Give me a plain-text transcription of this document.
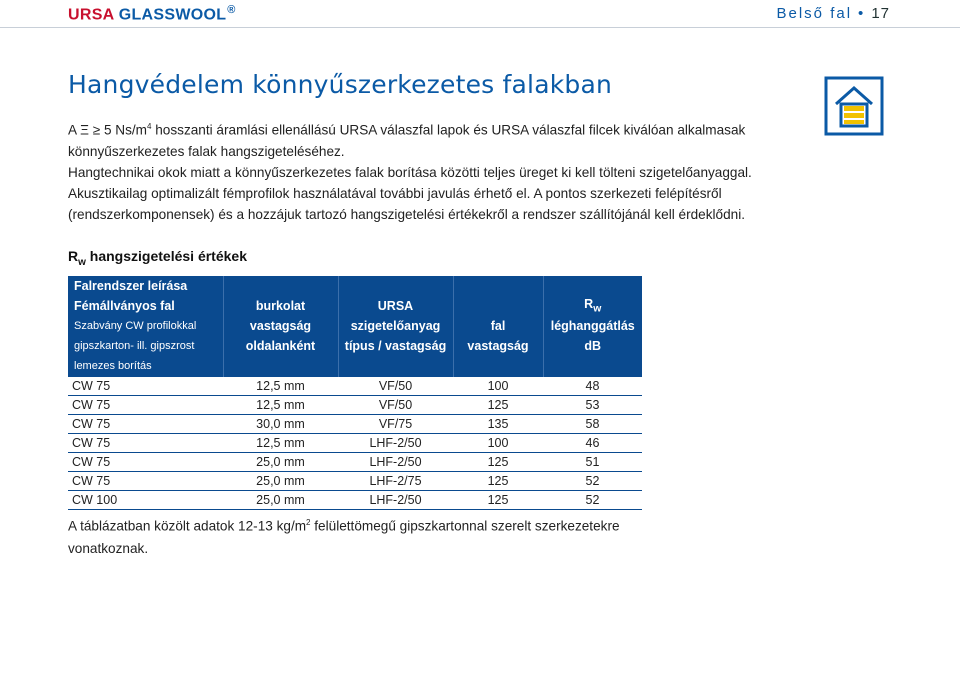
URSA GLASSWOOL®	Belső fal • 17
Hangvédelem könnyűszerkezetes falakban

A Ξ ≥ 5 $Ns/m^4$ hosszanti áramlási ellenállású URSA válaszfal lapok és URSA válaszfal filcek kiválóan alkalmasak

könnyűszerkezetes falak hangszigeteléséhez.

Hangtechnikai okok miatt a könnyűszerkezetes falak borítása közötti teljes üreget ki kell tölteni szigetelőanyaggal.

Akusztikailag optimalizált fémprofilok használatával további javulás érhető el. A pontos szerkezeti felépítésről

(rendszerkomponensek) és a hozzájuk tartozó hangszigetelési értékekről a rendszer szállítójánál kell érdeklődni.

$R_w$ hangszigetelési értékek
Falrendszer leírása				
Fémállványos fal	burkolat	URSA		$R_w$
Szabvány CW profilokkal	vastagság	szigetelőanyag	fal	léghanggátlás
gipszkarton- ill. gipszrost	oldalanként	típus / vastagság	vastagság	dB
lemezes borítás				
CW 75	12,5 mm	VF/50	100	48
CW 75	12,5 mm	VF/50	125	53
CW 75	30,0 mm	VF/75	135	58
CW 75	12,5 mm	LHF-2/50	100	46
CW 75	25,0 mm	LHF-2/50	125	51
CW 75	25,0 mm	LHF-2/75	125	52
CW 100	25,0 mm	LHF-2/50	125	52

A táblázatban közölt adatok 12-13 $kg/m^2$ felülettömegű gipszkartonnal szerelt szerkezetekre

vonatkoznak.
